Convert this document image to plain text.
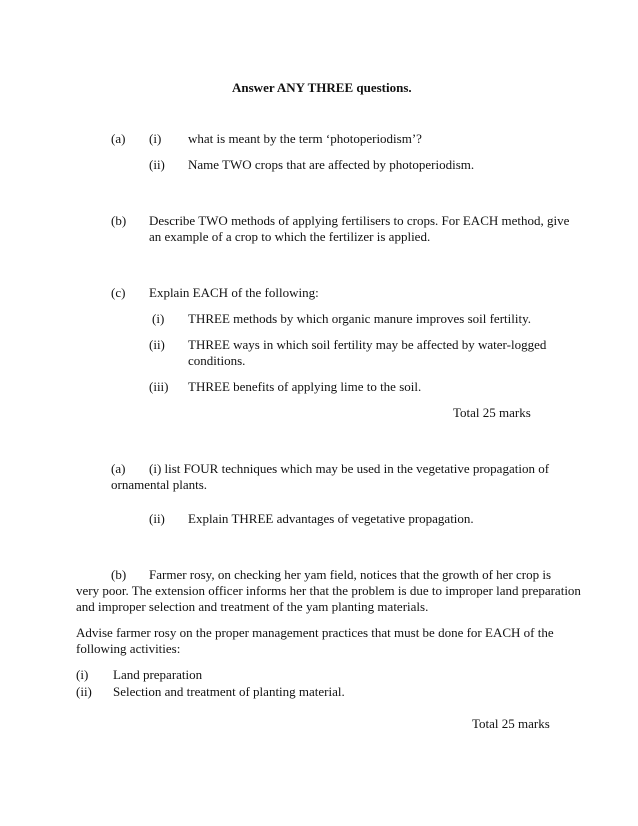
Answer ANY THREE questions.
(a) (i) what is meant by the term ‘photoperiodism’?
(ii) Name TWO crops that are affected by photoperiodism.
(b) Describe TWO methods of applying fertilisers to crops. For EACH method, give
an example of a crop to which the fertilizer is applied.
(c) Explain EACH of the following:
(i) THREE methods by which organic manure improves soil fertility.
(ii) THREE ways in which soil fertility may be affected by water-logged
conditions.
(iii) THREE benefits of applying lime to the soil.
Total 25 marks
(a) (i) list FOUR techniques which may be used in the vegetative propagation of
ornamental plants.
(ii) Explain THREE advantages of vegetative propagation.
(b) Farmer rosy, on checking her yam field, notices that the growth of her crop is
very poor. The extension officer informs her that the problem is due to improper land preparation
and improper selection and treatment of the yam planting materials.
Advise farmer rosy on the proper management practices that must be done for EACH of the
following activities:
(i) Land preparation
(ii) Selection and treatment of planting material.
Total 25 marks
